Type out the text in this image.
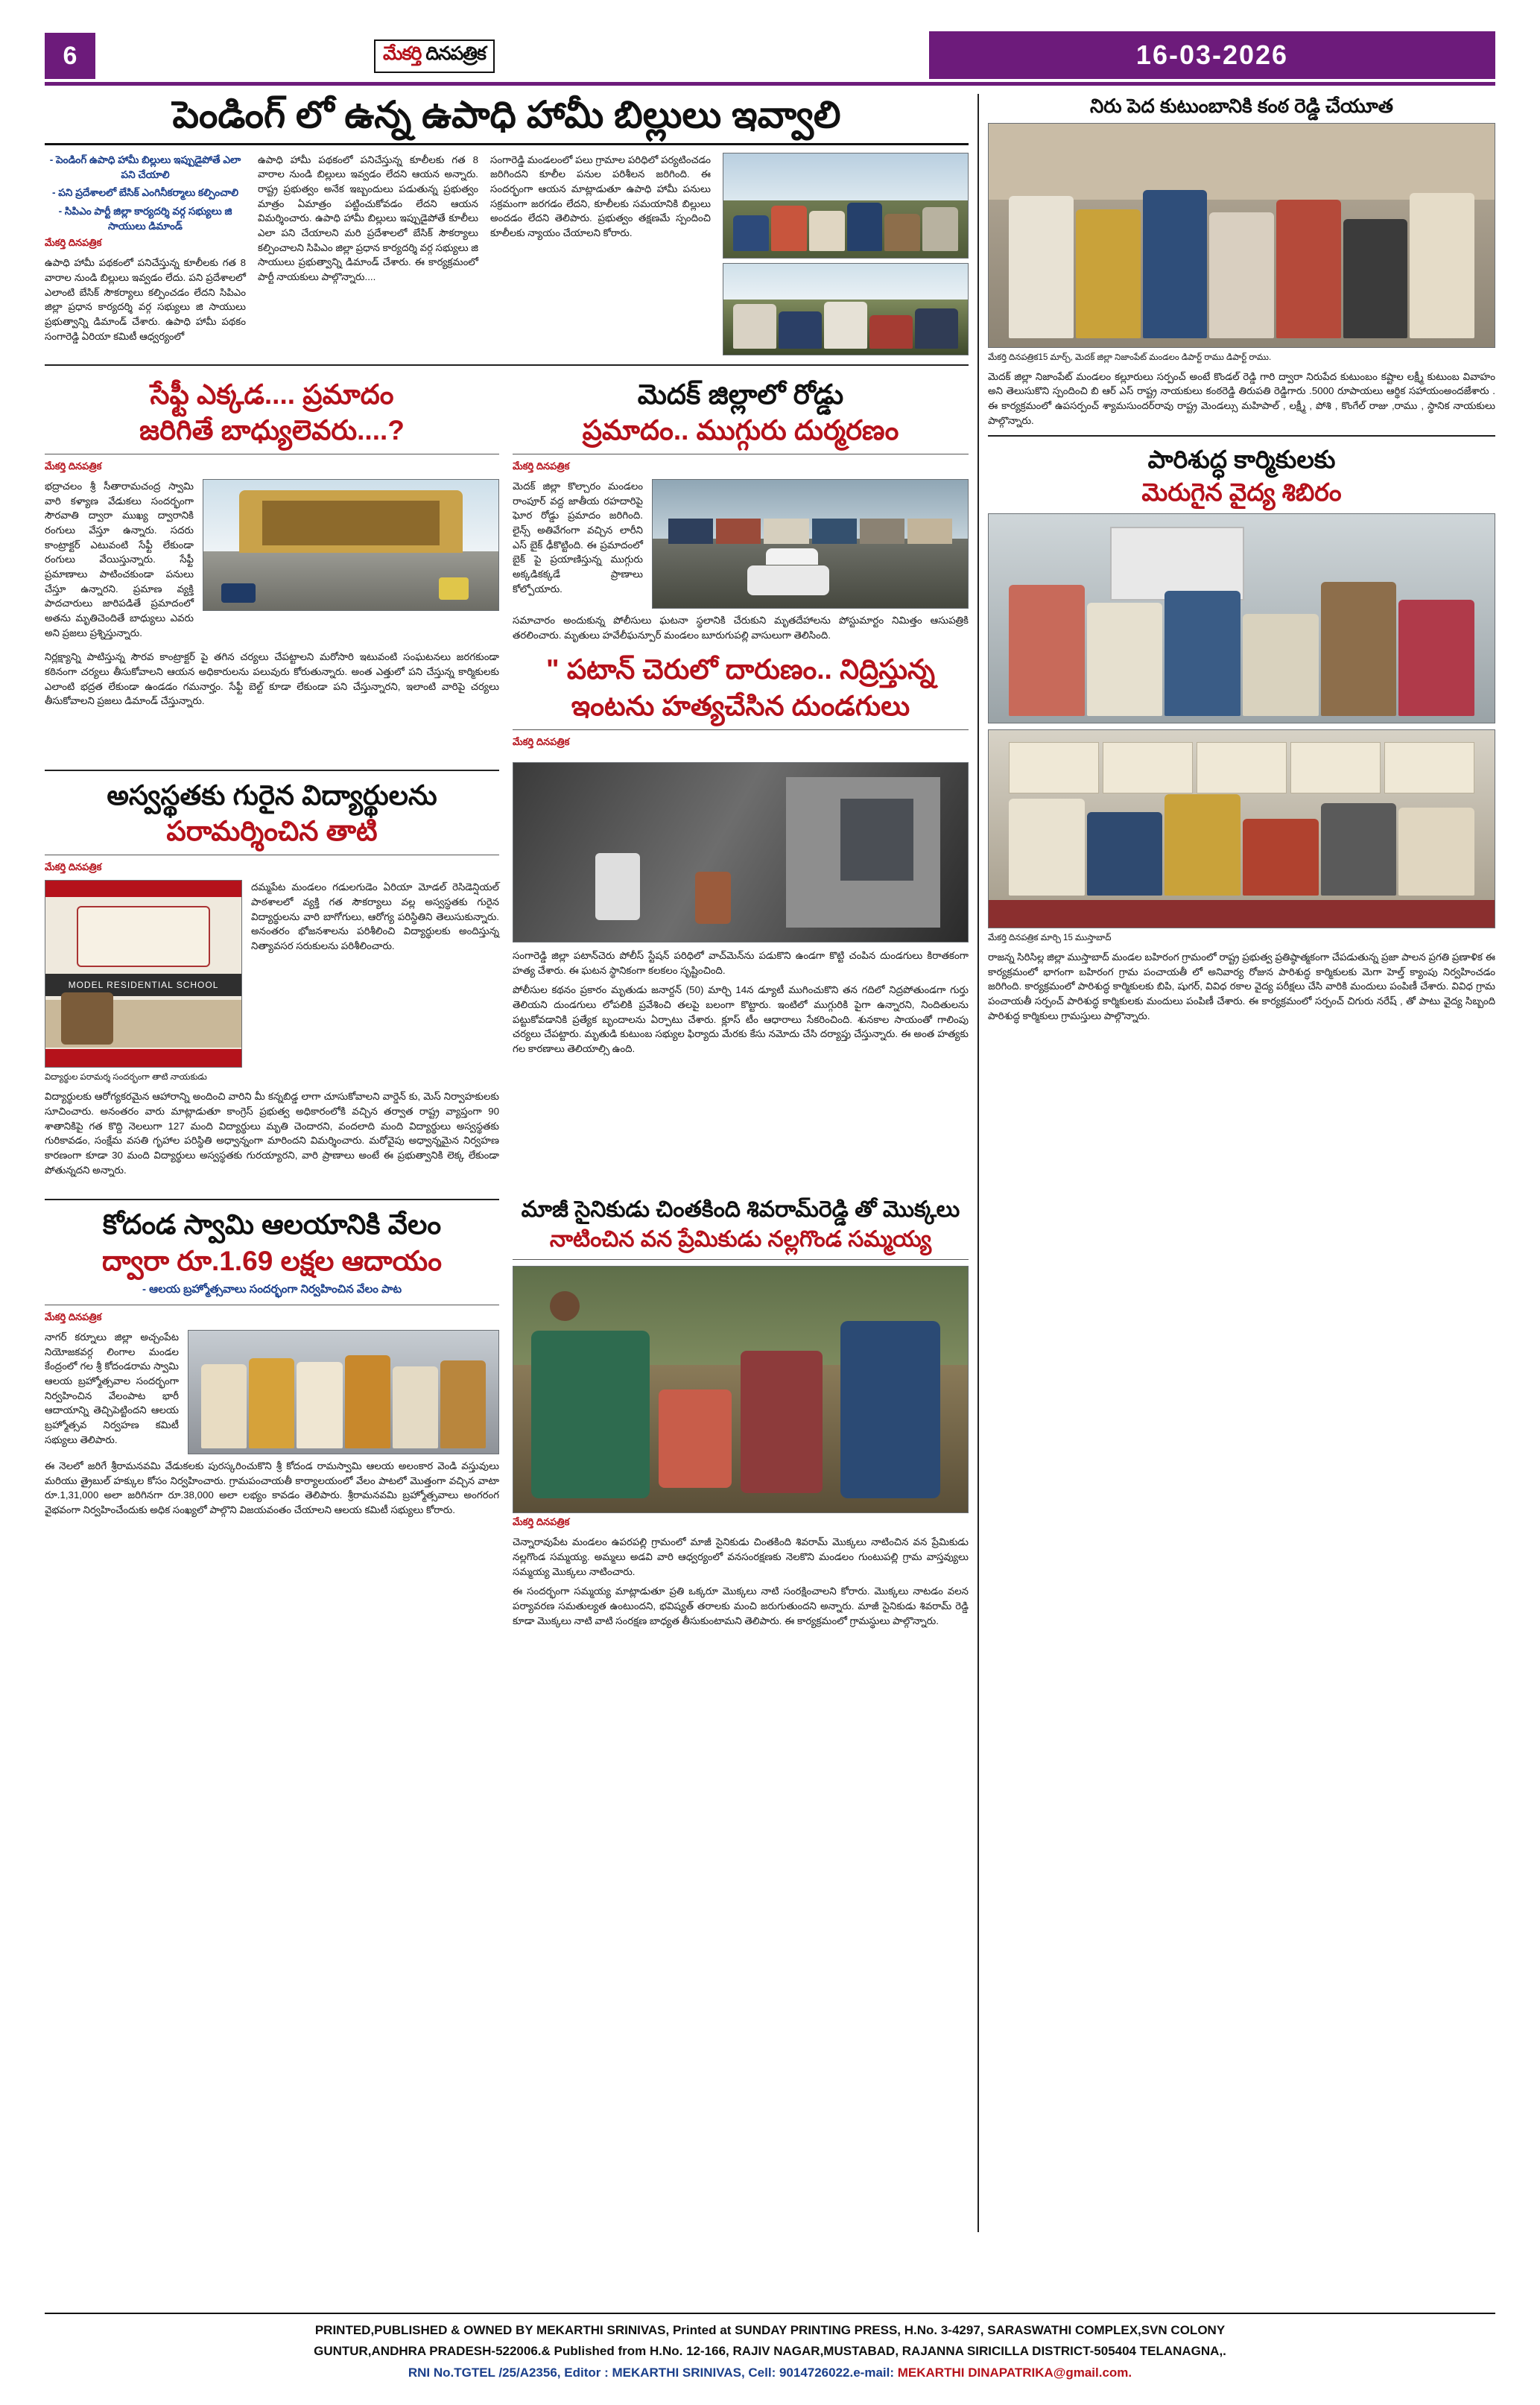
6	మేకర్తి దినపత్రిక	16-03-2026
పెండింగ్ లో ఉన్న ఉపాధి హామీ బిల్లులు ఇవ్వాలి

- పెండింగ్ ఉపాధి హామీ బిల్లులు ఇప్పుడైపోతే ఎలా పని చేయాలి

- పని ప్రదేశాలలో బేసిక్ ఎంగినీకర్మాలు కల్పించాలి

- సిపిఎం పార్టీ జిల్లా కార్యదర్శి వర్గ సభ్యులు జి సాయులు డిమాండ్

మేకర్తి దినపత్రిక

ఉపాధి హామీ పథకంలో పనిచేస్తున్న కూలీలకు గత 8 వారాల నుండి బిల్లులు ఇవ్వడం లేదు. పని ప్రదేశాలలో ఎలాంటి బేసిక్ సౌకర్యాలు కల్పించడం లేదని సిపిఎం జిల్లా ప్రధాన కార్యదర్శి వర్గ సభ్యులు జి సాయులు ప్రభుత్వాన్ని డిమాండ్ చేశారు. ఉపాధి హామీ పథకం సంగారెడ్డి ఏరియా కమిటీ ఆధ్వర్యంలో

ఉపాధి హామీ పథకంలో పనిచేస్తున్న కూలీలకు గత 8 వారాల నుండి బిల్లులు ఇవ్వడం లేదని ఆయన అన్నారు. రాష్ట్ర ప్రభుత్వం అనేక ఇబ్బందులు పడుతున్న ప్రభుత్వం మాత్రం ఏమాత్రం పట్టించుకోవడం లేదని ఆయన విమర్శించారు. ఉపాధి హామీ బిల్లులు ఇప్పుడైపోతే కూలీలు ఎలా పని చేయాలని మరి ప్రదేశాలలో బేసిక్ సౌకర్యాలు కల్పించాలని సిపిఎం జిల్లా ప్రధాన కార్యదర్శి వర్గ సభ్యులు జి సాయులు ప్రభుత్వాన్ని డిమాండ్ చేశారు. ఈ కార్యక్రమంలో పార్టీ నాయకులు పాల్గొన్నారు....

సంగారెడ్డి మండలంలో పలు గ్రామాల పరిధిలో పర్యటించడం జరిగిందని కూలీల పనుల పరిశీలన జరిగింది. ఈ సందర్భంగా ఆయన మాట్లాడుతూ ఉపాధి హామీ పనులు సక్రమంగా జరగడం లేదని, కూలీలకు సమయానికి బిల్లులు అందడం లేదని తెలిపారు. ప్రభుత్వం తక్షణమే స్పందించి కూలీలకు న్యాయం చేయాలని కోరారు.

సేఫ్టీ ఎక్కడ.... ప్రమాదం
జరిగితే బాధ్యులెవరు....?
మేకర్తి దినపత్రిక

భద్రాచలం శ్రీ సీతారామచంద్ర స్వామి వారి కళ్యాణ వేడుకలు సందర్భంగా సౌరవాతి ద్వారా ముఖ్య ద్వారానికి రంగులు వేస్తూ ఉన్నారు. సదరు కాంట్రాక్టర్ ఎటువంటి సేఫ్టీ లేకుండా రంగులు వేయిస్తున్నారు. సేఫ్టీ ప్రమాణాలు పాటించకుండా పనులు చేస్తూ ఉన్నారని. ప్రమాణ వ్యక్తి పాదచారులు జారిపడితే ప్రమాదంలో అతను మృతిచెందితే బాధ్యులు ఎవరు అని ప్రజలు ప్రశ్నిస్తున్నారు.

నిర్లక్ష్యాన్ని పాటిస్తున్న సౌరవ కాంట్రాక్టర్ పై తగిన చర్యలు చేపట్టాలని మరోసారి ఇటువంటి సంఘటనలు జరగకుండా కఠినంగా చర్యలు తీసుకోవాలని ఆయన అధికారులను పలువురు కోరుతున్నారు. అంత ఎత్తులో పని చేస్తున్న కార్మికులకు ఎలాంటి భద్రత లేకుండా ఉండడం గమనార్హం. సేఫ్టీ బెల్ట్ కూడా లేకుండా పని చేస్తున్నారని, ఇలాంటి వారిపై చర్యలు తీసుకోవాలని ప్రజలు డిమాండ్ చేస్తున్నారు.

మెదక్ జిల్లాలో రోడ్డు
ప్రమాదం.. ముగ్గురు దుర్మరణం
మేకర్తి దినపత్రిక

మెదక్ జిల్లా కొల్చారం మండలం రాంపూర్ వద్ద జాతీయ రహదారిపై ఘోర రోడ్డు ప్రమాదం జరిగింది. లైన్స్ అతివేగంగా వచ్చిన లారీని ఎస్ బైక్ ఢీకొట్టింది. ఈ ప్రమాదంలో బైక్ పై ప్రయాణిస్తున్న ముగ్గురు అక్కడికక్కడే ప్రాణాలు కోల్పోయారు.

సమాచారం అందుకున్న పోలీసులు ఘటనా స్థలానికి చేరుకుని మృతదేహాలను పోస్టుమార్టం నిమిత్తం ఆసుపత్రికి తరలించారు. మృతులు హవేలీఘన్పూర్ మండలం బూరుగుపల్లి వాసులుగా తెలిసింది.

" పటాన్ చెరులో దారుణం.. నిద్రిస్తున్న
ఇంటను హత్యచేసిన దుండగులు
మేకర్తి దినపత్రిక
అస్వస్థతకు గురైన విద్యార్థులను
పరామర్శించిన తాటి
మేకర్తి దినపత్రిక
MODEL RESIDENTIAL SCHOOL
విద్యార్థుల పరామర్శ సందర్భంగా తాటి నాయకుడు

దమ్మపేట మండలం గడులగుడెం ఏరియా మోడల్ రెసిడెన్షియల్ పాఠశాలలో వ్యక్తి గత సౌకర్యాలు వల్ల అస్వస్థతకు గురైన విద్యార్థులను వారి బాగోగులు, ఆరోగ్య పరిస్థితిని తెలుసుకున్నారు. అనంతరం భోజనశాలను పరిశీలించి విద్యార్థులకు అందిస్తున్న నిత్యావసర సరుకులను పరిశీలించారు.

విద్యార్థులకు ఆరోగ్యకరమైన ఆహారాన్ని అందించి వారిని మీ కన్నబిడ్డ లాగా చూసుకోవాలని వార్డెన్ కు, మెస్ నిర్వాహకులకు సూచించారు. అనంతరం వారు మాట్లాడుతూ కాంగ్రెస్ ప్రభుత్వ అధికారంలోకి వచ్చిన తర్వాత రాష్ట్ర వ్యాప్తంగా 90 శాతానికిపై గత కొద్ది నెలలుగా 127 మంది విద్యార్థులు మృతి చెందారని, వందలాది మంది విద్యార్థులు అస్వస్థతకు గురికావడం, సంక్షేమ వసతి గృహాల పరిస్థితి అధ్వాన్నంగా మారిందని విమర్శించారు. మరోవైపు అధ్వాన్నమైన నిర్వహణ కారణంగా కూడా 30 మంది విద్యార్థులు అస్వస్థతకు గురయ్యారని, వారి ప్రాణాలు అంటే ఈ ప్రభుత్వానికి లెక్క లేకుండా పోతున్నదని అన్నారు.

సంగారెడ్డి జిల్లా పటాన్‌చెరు పోలీస్ స్టేషన్ పరిధిలో వాచ్‌మెన్‌ను పడుకొని ఉండగా కొట్టి చంపిన దుండగులు కిరాతకంగా హత్య చేశారు. ఈ ఘటన స్థానికంగా కలకలం సృష్టించింది.

పోలీసుల కథనం ప్రకారం మృతుడు జనార్దన్ (50) మార్చి 14న డ్యూటీ ముగించుకొని తన గదిలో నిద్రపోతుండగా గుర్తు తెలియని దుండగులు లోపలికి ప్రవేశించి తలపై బలంగా కొట్టారు. ఇంటిలో ముగ్గురికి పైగా ఉన్నారని, నిందితులను పట్టుకోవడానికి ప్రత్యేక బృందాలను ఏర్పాటు చేశారు. క్లూస్ టీం ఆధారాలు సేకరించింది. శునకాల సాయంతో గాలింపు చర్యలు చేపట్టారు. మృతుడి కుటుంబ సభ్యుల ఫిర్యాదు మేరకు కేసు నమోదు చేసి దర్యాప్తు చేస్తున్నారు. ఈ అంత హత్యకు గల కారణాలు తెలియాల్సి ఉంది.

కోదండ స్వామి ఆలయానికి వేలం
ద్వారా రూ.1.69 లక్షల ఆదాయం
- ఆలయ బ్రహ్మోత్సవాలు సందర్భంగా నిర్వహించిన వేలం పాట
మేకర్తి దినపత్రిక

నాగర్ కర్నూలు జిల్లా అచ్చంపేట నియోజకవర్గ లింగాల మండల కేంద్రంలో గల శ్రీ కోదండరామ స్వామి ఆలయ బ్రహ్మోత్సవాల సందర్భంగా నిర్వహించిన వేలంపాట భారీ ఆదాయాన్ని తెచ్చిపెట్టిందని ఆలయ బ్రహ్మోత్సవ నిర్వహణ కమిటీ సభ్యులు తెలిపారు.

ఈ నెలలో జరిగే శ్రీరామనవమి వేడుకలకు పురస్కరించుకొని శ్రీ కోదండ రామస్వామి ఆలయ అలంకార వెండి వస్తువులు మరియు త్రైబుల్ హక్కుల కోసం నిర్వహించారు. గ్రామపంచాయతీ కార్యాలయంలో వేలం పాటలో మొత్తంగా వచ్చిన వాటా రూ.1,31,000 అలా జరిగినగా రూ.38,000 అలా లభ్యం కావడం తెలిపారు. శ్రీరామనవమి బ్రహ్మోత్సవాలు అంగరంగ వైభవంగా నిర్వహించేందుకు అధిక సంఖ్యలో పాల్గొని విజయవంతం చేయాలని ఆలయ కమిటీ సభ్యులు కోరారు.

మాజీ సైనికుడు చింతకింది శివరామ్‌రెడ్డి తో మొక్కలు
నాటించిన వన ప్రేమికుడు నల్లగొండ సమ్మయ్య
మేకర్తి దినపత్రిక

చెన్నారావుపేట మండలం ఉపరపల్లి గ్రామంలో మాజీ సైనికుడు చింతకింది శివరామ్ మొక్కలు నాటించిన వన ప్రేమికుడు నల్లగొండ సమ్మయ్య. అమ్మలు అడవి వారి ఆధ్వర్యంలో వనసంరక్షణకు నెలకొని మండలం గుంటుపల్లి గ్రామ వాస్తవ్యులు సమ్మయ్య మొక్కలు నాటించారు.

ఈ సందర్భంగా సమ్మయ్య మాట్లాడుతూ ప్రతి ఒక్కరూ మొక్కలు నాటి సంరక్షించాలని కోరారు. మొక్కలు నాటడం వలన పర్యావరణ సమతుల్యత ఉంటుందని, భవిష్యత్ తరాలకు మంచి జరుగుతుందని అన్నారు. మాజీ సైనికుడు శివరామ్ రెడ్డి కూడా మొక్కలు నాటి వాటి సంరక్షణ బాధ్యత తీసుకుంటామని తెలిపారు. ఈ కార్యక్రమంలో గ్రామస్థులు పాల్గొన్నారు.

నిరు పెద కుటుంబానికి కంఠ రెడ్డి చేయూత
మేకర్తి దినపత్రిక15 మార్చ్, మెదక్ జిల్లా నిజాంపేట్ మండలం డిపార్ట్ రాము డిపార్ట్ రాము.

మెదక్ జిల్లా నిజాంపేట్ మండలం కల్లూరులు సర్పంచ్ అంటే కొండల్ రెడ్డి గారి ద్వారా నిరుపేద కుటుంబం కష్టాల లక్ష్మీ కుటుంబ వివాహం అని తెలుసుకొని స్పందించి బి ఆర్ ఎస్ రాష్ట్ర నాయకులు కంఠరెడ్డి తిరుపతి రెడ్డిగారు .5000 రూపాయలు ఆర్థిక సహాయంఅందజేశారు . ఈ కార్యక్రమంలో ఉపసర్పంచ్ శ్యామసుందర్‌రావు రాష్ట్ర మెండల్సు మహిపాల్ , లక్ష్మీ , పోశి , కొంగేల్ రాజు ,రాము , స్థానిక నాయకులు పాల్గొన్నారు.

పారిశుద్ధ కార్మికులకు
మెరుగైన వైద్య శిబిరం
మేకర్తి దినపత్రిక మార్చి 15 ముస్తాబాద్

రాజన్న సిరిసిల్ల జిల్లా ముస్తాబాద్ మండల బహిరంగ గ్రామంలో రాష్ట్ర ప్రభుత్వ ప్రతిష్ఠాత్మకంగా చేపడుతున్న ప్రజా పాలన ప్రగతి ప్రణాళిక ఈ కార్యక్రమంలో భాగంగా బహిరంగ గ్రామ పంచాయతీ లో అనివార్య రోజున పారిశుద్ధ కార్మికులకు మెగా హెల్త్ క్యాంపు నిర్వహించడం జరిగింది. కార్యక్రమంలో పారిశుద్ధ కార్మికులకు బిపి, షుగర్, వివిధ రకాల వైద్య పరీక్షలు చేసి వారికి మందులు పంపిణీ చేశారు. వివిధ గ్రామ పంచాయతీ సర్పంచ్ పారిశుద్ధ కార్మికులకు మందులు పంపిణీ చేశారు. ఈ కార్యక్రమంలో సర్పంచ్ చిగురు నరేష్ , తో పాటు వైద్య సిబ్బంది పారిశుద్ధ కార్మికులు గ్రామస్తులు పాల్గొన్నారు.

PRINTED,PUBLISHED & OWNED BY MEKARTHI SRINIVAS, Printed at SUNDAY PRINTING PRESS, H.No. 3-4297, SARASWATHI COMPLEX,SVN COLONY

GUNTUR,ANDHRA PRADESH-522006.& Published from H.No. 12-166, RAJIV NAGAR,MUSTABAD, RAJANNA SIRICILLA DISTRICT-505404 TELANAGNA,.

RNI No.TGTEL /25/A2356, Editor : MEKARTHI SRINIVAS, Cell: 9014726022.e-mail: MEKARTHI DINAPATRIKA@gmail.com.
